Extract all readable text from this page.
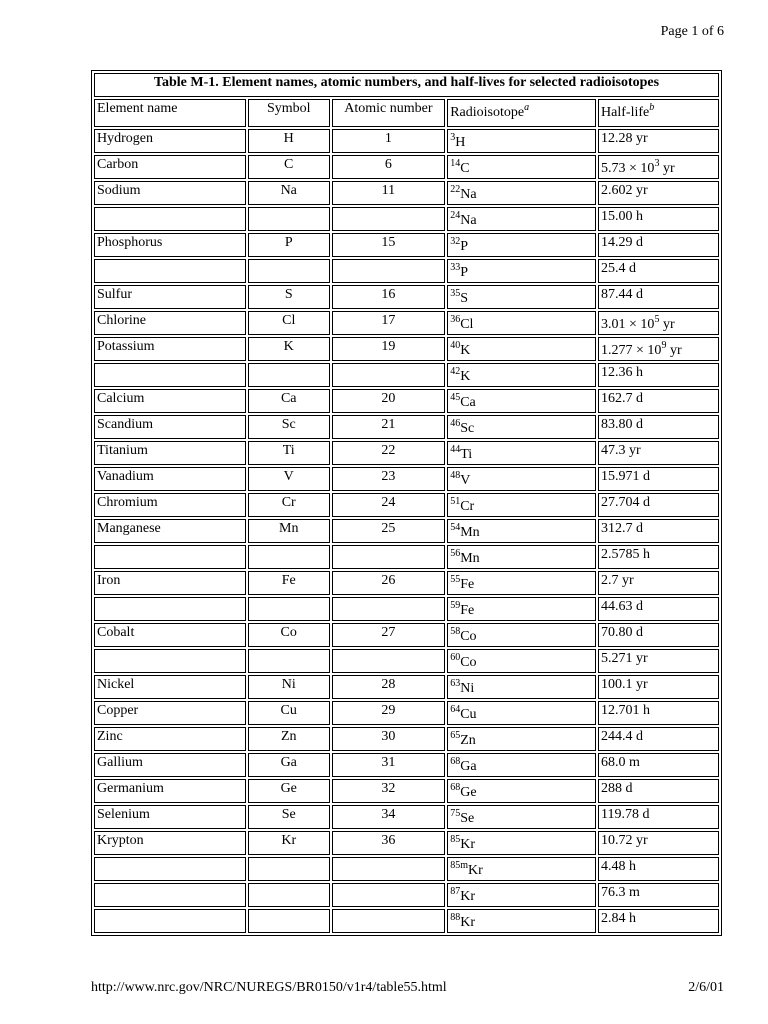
Page 1 of 6
Table M-1. Element names, atomic numbers, and half-lives for selected radioisotopes				
Element name	Symbol	Atomic number	Radioisotope$^a$	Half-life$^b$
Hydrogen	H	1	$^3$H	12.28 yr
Carbon	C	6	$^{14}$C	$5.73 \times 10^3$ yr
Sodium	Na	11	$^{22}$Na	2.602 yr
			$^{24}$Na	15.00 h
Phosphorus	P	15	$^{32}$P	14.29 d
			$^{33}$P	25.4 d
Sulfur	S	16	$^{35}$S	87.44 d
Chlorine	Cl	17	$^{36}$Cl	$3.01 \times 10^5$ yr
Potassium	K	19	$^{40}$K	$1.277 \times 10^9$ yr
			$^{42}$K	12.36 h
Calcium	Ca	20	$^{45}$Ca	162.7 d
Scandium	Sc	21	$^{46}$Sc	83.80 d
Titanium	Ti	22	$^{44}$Ti	47.3 yr
Vanadium	V	23	$^{48}$V	15.971 d
Chromium	Cr	24	$^{51}$Cr	27.704 d
Manganese	Mn	25	$^{54}$Mn	312.7 d
			$^{56}$Mn	2.5785 h
Iron	Fe	26	$^{55}$Fe	2.7 yr
			$^{59}$Fe	44.63 d
Cobalt	Co	27	$^{58}$Co	70.80 d
			$^{60}$Co	5.271 yr
Nickel	Ni	28	$^{63}$Ni	100.1 yr
Copper	Cu	29	$^{64}$Cu	12.701 h
Zinc	Zn	30	$^{65}$Zn	244.4 d
Gallium	Ga	31	$^{68}$Ga	68.0 m
Germanium	Ge	32	$^{68}$Ge	288 d
Selenium	Se	34	$^{75}$Se	119.78 d
Krypton	Kr	36	$^{85}$Kr	10.72 yr
			$^{85m}$Kr	4.48 h
			$^{87}$Kr	76.3 m
			$^{88}$Kr	2.84 h
http://www.nrc.gov/NRC/NUREGS/BR0150/v1r4/table55.html	2/6/01
